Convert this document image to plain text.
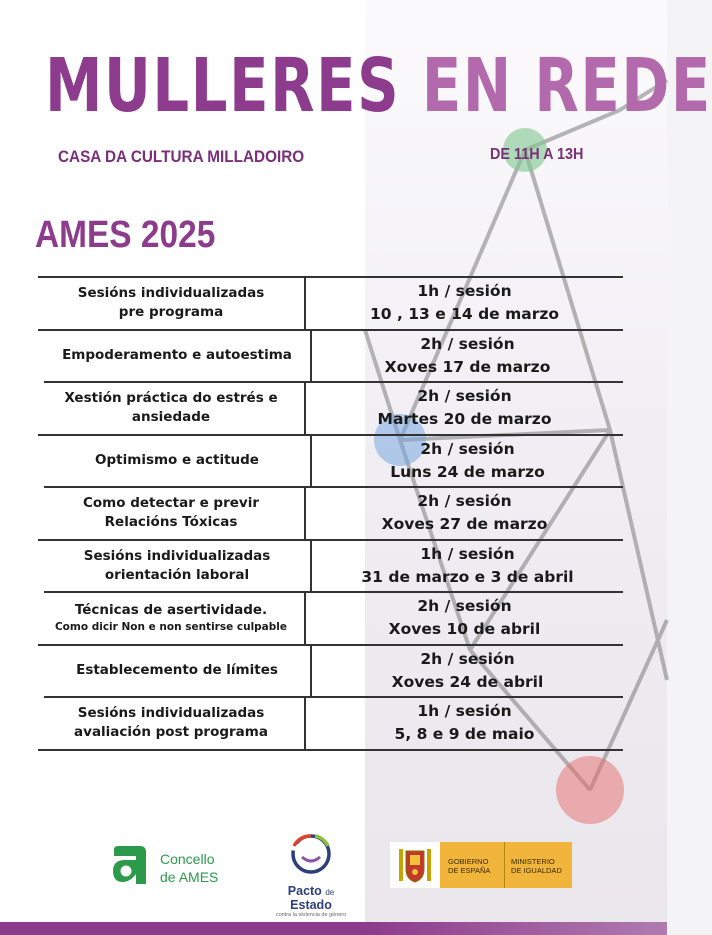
MULLERES EN REDE
CASA DA CULTURA MILLADOIRO	DE 11H A 13H
AMES 2025
Sesións individualizadas
pre programa
1h / sesión
10 , 13 e 14 de marzo
Empoderamento e autoestima
2h / sesión
Xoves 17 de marzo
Xestión práctica do estrés e
ansiedade
2h / sesión
Martes 20 de marzo
Optimismo e actitude
2h / sesión
Luns 24 de marzo
Como detectar e previr
Relacións Tóxicas
2h / sesión
Xoves 27 de marzo
Sesións individualizadas
orientación laboral
1h / sesión
31 de marzo e 3 de abril
Técnicas de asertividade.
Como dicir Non e non sentirse culpable
2h / sesión
Xoves 10 de abril
Establecemento de límites
2h / sesión
Xoves 24 de abril
Sesións individualizadas
avaliación post programa
1h / sesión
5, 8 e 9 de maio
Concello
de AMES
Pacto de Estado
contra la violencia de género
GOBIERNO
DE ESPAÑA
MINISTERIO
DE IGUALDAD
